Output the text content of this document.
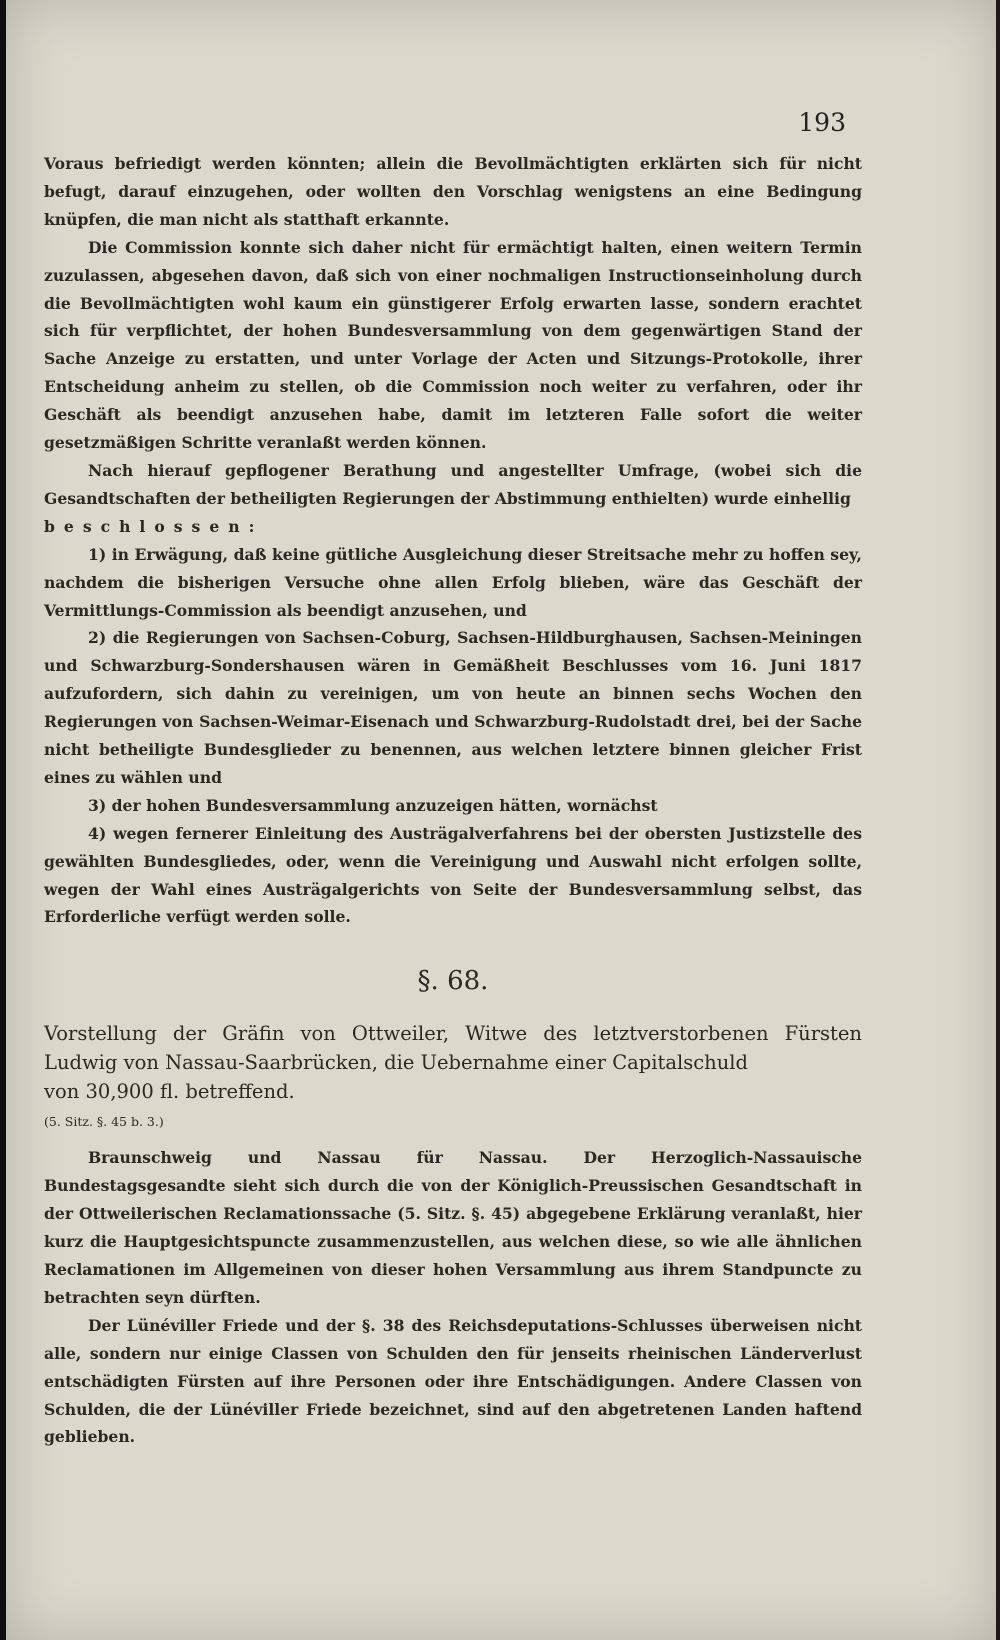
193

Voraus befriedigt werden könnten; allein die Bevollmächtigten erklärten sich für nicht befugt, darauf einzugehen, oder wollten den Vorschlag wenigstens an eine Bedingung knüpfen, die man nicht als statthaft erkannte.

Die Commission konnte sich daher nicht für ermächtigt halten, einen weitern Termin zuzulassen, abgesehen davon, daß sich von einer nochmaligen Instructionseinholung durch die Bevollmächtigten wohl kaum ein günstigerer Erfolg erwarten lasse, sondern erachtet sich für verpflichtet, der hohen Bundesversammlung von dem gegenwärtigen Stand der Sache Anzeige zu erstatten, und unter Vorlage der Acten und Sitzungs-Protokolle, ihrer Entscheidung anheim zu stellen, ob die Commission noch weiter zu verfahren, oder ihr Geschäft als beendigt anzusehen habe, damit im letzteren Falle sofort die weiter gesetzmäßigen Schritte veranlaßt werden können.

Nach hierauf gepflogener Berathung und angestellter Umfrage, (wobei sich die Gesandtschaften der betheiligten Regierungen der Abstimmung enthielten) wurde einhellig

beschlossen:

1) in Erwägung, daß keine gütliche Ausgleichung dieser Streitsache mehr zu hoffen sey, nachdem die bisherigen Versuche ohne allen Erfolg blieben, wäre das Geschäft der Vermittlungs-Commission als beendigt anzusehen, und

2) die Regierungen von Sachsen-Coburg, Sachsen-Hildburghausen, Sachsen-Meiningen und Schwarzburg-Sondershausen wären in Gemäßheit Beschlusses vom 16. Juni 1817 aufzufordern, sich dahin zu vereinigen, um von heute an binnen sechs Wochen den Regierungen von Sachsen-Weimar-Eisenach und Schwarzburg-Rudolstadt drei, bei der Sache nicht betheiligte Bundesglieder zu benennen, aus welchen letztere binnen gleicher Frist eines zu wählen und

3) der hohen Bundesversammlung anzuzeigen hätten, wornächst

4) wegen fernerer Einleitung des Austrägalverfahrens bei der obersten Justizstelle des gewählten Bundesgliedes, oder, wenn die Vereinigung und Auswahl nicht erfolgen sollte, wegen der Wahl eines Austrägalgerichts von Seite der Bundesversammlung selbst, das Erforderliche verfügt werden solle.

§. 68.

Vorstellung der Gräfin von Ottweiler, Witwe des letztverstorbenen Fürsten Ludwig von Nassau-Saarbrücken, die Uebernahme einer Capitalschuld

von 30,900 fl. betreffend.

(5. Sitz. §. 45 b. 3.)

Braunschweig und Nassau für Nassau. Der Herzoglich-Nassauische Bundestagsgesandte sieht sich durch die von der Königlich-Preussischen Gesandtschaft in der Ottweilerischen Reclamationssache (5. Sitz. §. 45) abgegebene Erklärung veranlaßt, hier kurz die Hauptgesichtspuncte zusammenzustellen, aus welchen diese, so wie alle ähnlichen Reclamationen im Allgemeinen von dieser hohen Versammlung aus ihrem Standpuncte zu betrachten seyn dürften.

Der Lünéviller Friede und der §. 38 des Reichsdeputations-Schlusses überweisen nicht alle, sondern nur einige Classen von Schulden den für jenseits rheinischen Länderverlust entschädigten Fürsten auf ihre Personen oder ihre Entschädigungen. Andere Classen von Schulden, die der Lünéviller Friede bezeichnet, sind auf den abgetretenen Landen haftend geblieben.
